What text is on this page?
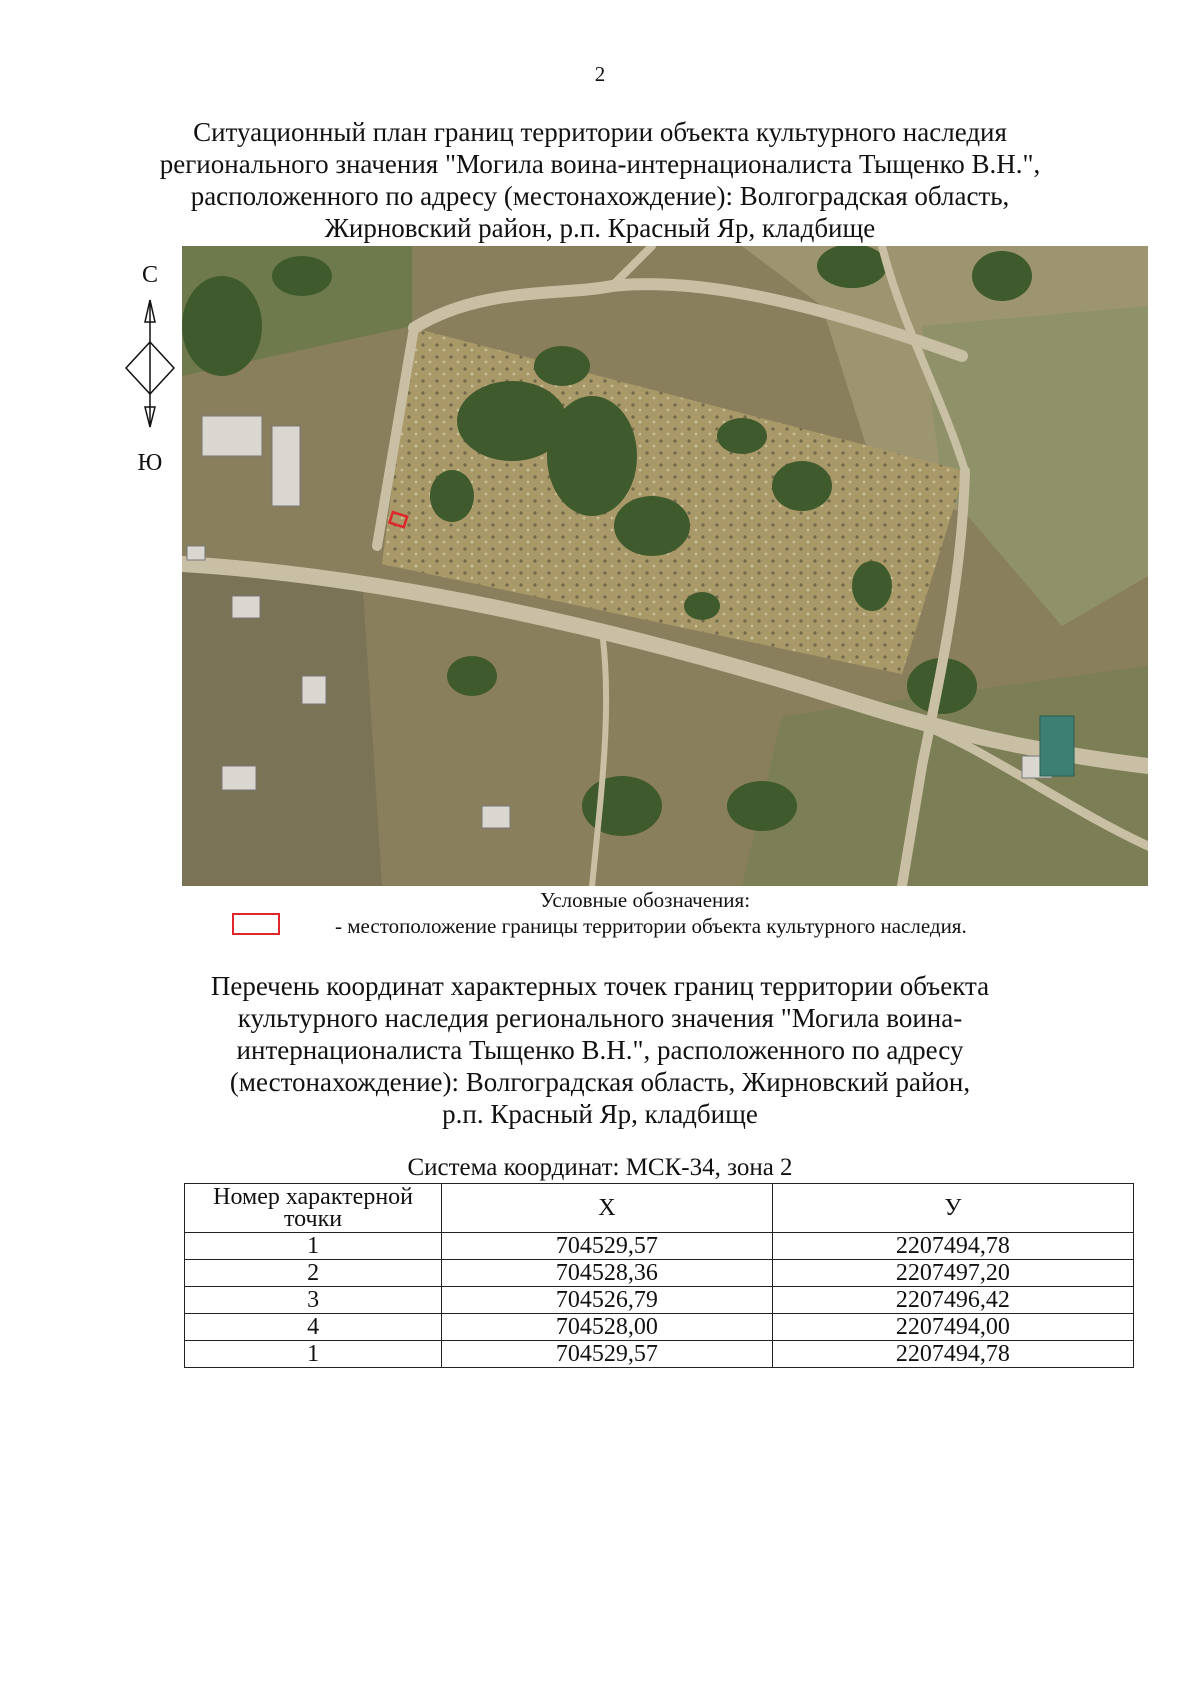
2
Ситуационный план границ территории объекта культурного наследия
регионального значения "Могила воина-интернационалиста Тыщенко В.Н.",
расположенного по адресу (местонахождение): Волгоградская область,
Жирновский район, р.п. Красный Яр, кладбище
С
Ю
Условные обозначения:
- местоположение границы территории объекта культурного наследия.
Перечень координат характерных точек границ территории объекта
культурного наследия регионального значения "Могила воина-
интернационалиста Тыщенко В.Н.", расположенного по адресу
(местонахождение): Волгоградская область, Жирновский район,
р.п. Красный Яр, кладбище
Система координат: МСК-34, зона 2
Номер характерной точки	X	У
1	704529,57	2207494,78
2	704528,36	2207497,20
3	704526,79	2207496,42
4	704528,00	2207494,00
1	704529,57	2207494,78
